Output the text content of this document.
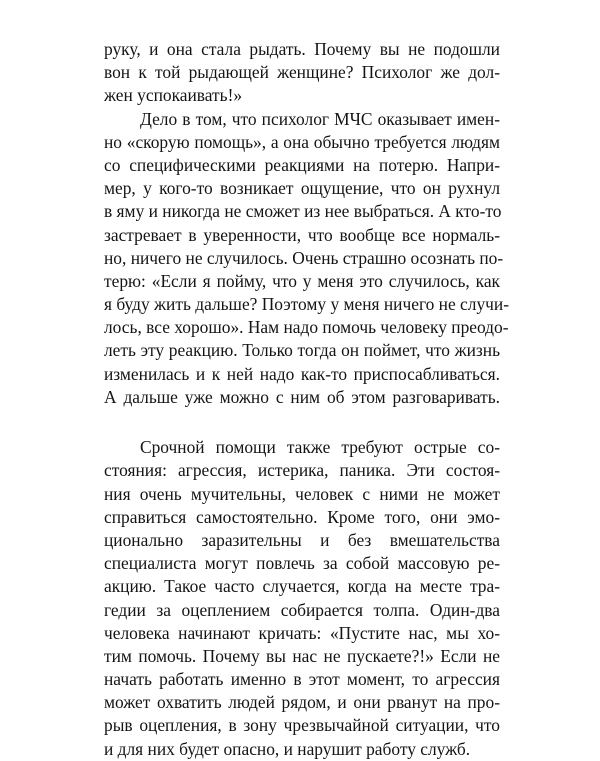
руку, и она стала рыдать. Почему вы не подошли
вон к той рыдающей женщине? Психолог же дол-
жен успокаивать!»
Дело в том, что психолог МЧС оказывает имен-
но «скорую помощь», а она обычно требуется людям
со специфическими реакциями на потерю. Напри-
мер, у кого-то возникает ощущение, что он рухнул
в яму и никогда не сможет из нее выбраться. А кто-то
застревает в уверенности, что вообще все нормаль-
но, ничего не случилось. Очень страшно осознать по-
терю: «Если я пойму, что у меня это случилось, как
я буду жить дальше? Поэтому у меня ничего не случи-
лось, все хорошо». Нам надо помочь человеку преодо-
леть эту реакцию. Только тогда он поймет, что жизнь
изменилась и к ней надо как-то приспосабливаться.
А дальше уже можно с ним об этом разговаривать.
Срочной помощи также требуют острые со-
стояния: агрессия, истерика, паника. Эти состоя-
ния очень мучительны, человек с ними не может
справиться самостоятельно. Кроме того, они эмо-
ционально заразительны и без вмешательства
специалиста могут повлечь за собой массовую ре-
акцию. Такое часто случается, когда на месте тра-
гедии за оцеплением собирается толпа. Один-два
человека начинают кричать: «Пустите нас, мы хо-
тим помочь. Почему вы нас не пускаете?!» Если не
начать работать именно в этот момент, то агрессия
может охватить людей рядом, и они рванут на про-
рыв оцепления, в зону чрезвычайной ситуации, что
и для них будет опасно, и нарушит работу служб.
